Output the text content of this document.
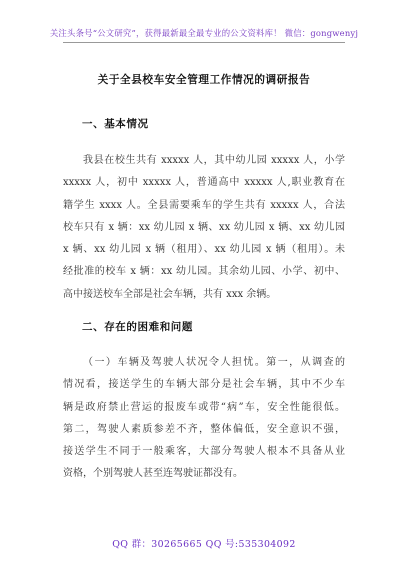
关注头条号“公文研究”，获得最新最全最专业的公文资料库！ 微信：gongwenyj
关于全县校车安全管理工作情况的调研报告
一、基本情况
我县在校生共有 xxxxx 人，其中幼儿园 xxxxx 人，小学
xxxxx 人，初中 xxxxx 人，普通高中 xxxxx 人,职业教育在
籍学生 xxxx 人。全县需要乘车的学生共有 xxxxx 人，合法
校车只有 x 辆：xx 幼儿园 x 辆、xx 幼儿园 x 辆、xx 幼儿园
x 辆、xx 幼儿园 x 辆（租用）、xx 幼儿园 x 辆（租用）。未
经批准的校车 x 辆：xx 幼儿园。其余幼儿园、小学、初中、
高中接送校车全部是社会车辆，共有 xxx 余辆。
二、存在的困难和问题
（一）车辆及驾驶人状况令人担忧。第一，从调查的
情况看，接送学生的车辆大部分是社会车辆，其中不少车
辆是政府禁止营运的报废车或带“病”车，安全性能很低。
第二，驾驶人素质参差不齐，整体偏低，安全意识不强，
接送学生不同于一般乘客，大部分驾驶人根本不具备从业
资格，个别驾驶人甚至连驾驶证都没有。
QQ 群：30265665 QQ 号:535304092
